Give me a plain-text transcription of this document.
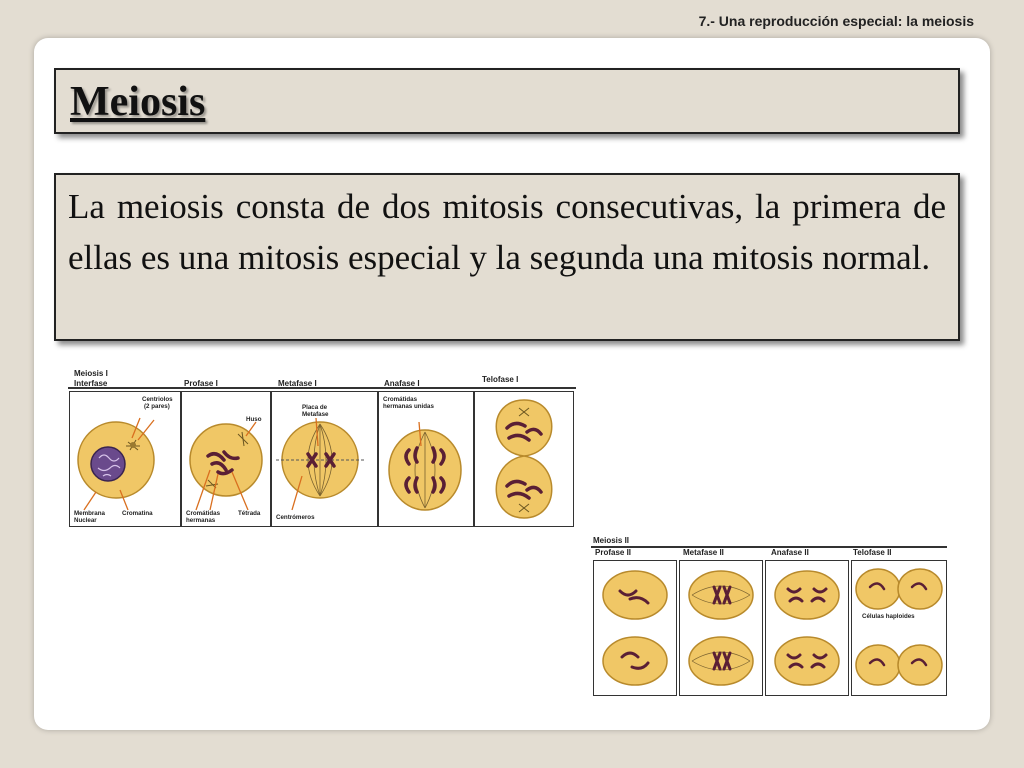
7.- Una reproducción especial: la meiosis
Meiosis

La meiosis consta de dos mitosis consecutivas, la primera de ellas es una mitosis especial y la segunda una mitosis normal.

Meiosis I
Interfase	Profase I	Metafase I	Anafase I	Telofase I
Centriolos
(2 pares)
Membrana
Nuclear
Cromatina
Huso
Cromátidas
hermanas
Tétrada
Placa de
Metafase
Centrómeros
Cromátidas
hermanas unidas
Meiosis II
Profase II	Metafase II	Anafase II	Telofase II
Células haploides
